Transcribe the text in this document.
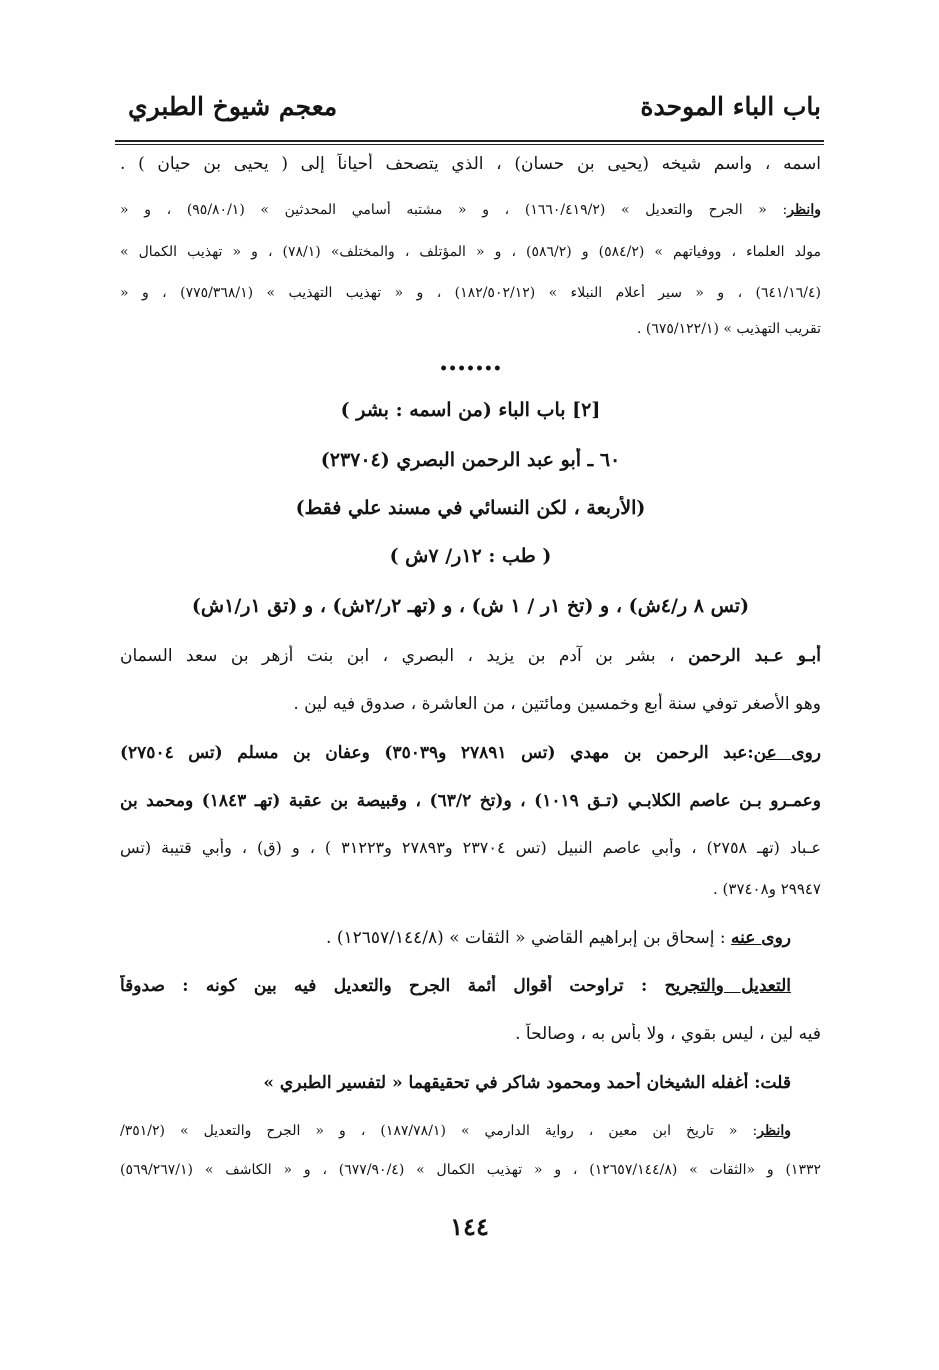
باب الباء الموحدة
معجم شيوخ الطبري
اسمه ، واسم شيخه (يحيى بن حسان) ، الذي يتصحف أحياناً إلى ( يحيى بن حيان ) .
وانظر: « الجرح والتعديل » (١٦٦٠/٤١٩/٢) ، و « مشتبه أسامي المحدثين » (٩٥/٨٠/١) ، و «
مولد العلماء ، ووفياتهم » (٥٨٤/٢) و (٥٨٦/٢) ، و « المؤتلف ، والمختلف» (٧٨/١) ، و « تهذيب الكمال »
(٦٤١/١٦/٤) ، و « سير أعلام النبلاء » (١٨٢/٥٠٢/١٢) ، و « تهذيب التهذيب » (٧٧٥/٣٦٨/١) ، و «
تقريب التهذيب » (٦٧٥/١٢٢/١) .
•••••••
[٢] باب الباء (من اسمه : بشر )
٦٠ ـ أبو عبد الرحمن البصري (٢٣٧٠٤)
(الأربعة ، لكن النسائي في مسند علي فقط)
( طب : ١٢ر/ ٧ش )
(تس ٨ ر/٤ش) ، و (تخ ١ر / ١ ش) ، و (تهـ ٢ر/٢ش) ، و (تق ١ر/١ش)
أبـو عـبد الرحمن ، بشر بن آدم بن يزيد ، البصري ، ابن بنت أزهر بن سعد السمان
وهو الأصغر توفي سنة أبع وخمسين ومائتين ، من العاشرة ، صدوق فيه لين .
روى عن:عبد الرحمن بن مهدي (تس ٢٧٨٩١ و٣٥٠٣٩) وعفان بن مسلم (تس ٢٧٥٠٤)
وعمـرو بـن عاصم الكلابـي (تـق ١٠١٩) ، و(تخ ٦٣/٢) ، وقبيصة بن عقبة (تهـ ١٨٤٣) ومحمد بن
عـباد (تهـ ٢٧٥٨) ، وأبي عاصم النبيل (تس ٢٣٧٠٤ و٢٧٨٩٣ و٣١٢٢٣ ) ، و (ق) ، وأبي قتيبة (تس
٢٩٩٤٧ و٣٧٤٠٨) .
روى عنه : إسحاق بن إبراهيم القاضي « الثقات » (١٢٦٥٧/١٤٤/٨) .
التعديل والتجريح : تراوحت أقوال أئمة الجرح والتعديل فيه بين كونه : صدوقاً
فيه لين ، ليس بقوي ، ولا بأس به ، وصالحاً .
قلت: أغفله الشيخان أحمد ومحمود شاكر في تحقيقهما « لتفسير الطبري »
وانظر: « تاريخ ابن معين ، رواية الدارمي » (١٨٧/٧٨/١) ، و « الجرح والتعديل » (٣٥١/٢/
١٣٣٢) و «الثقات » (١٢٦٥٧/١٤٤/٨) ، و « تهذيب الكمال » (٦٧٧/٩٠/٤) ، و « الكاشف » (٥٦٩/٢٦٧/١)
١٤٤
